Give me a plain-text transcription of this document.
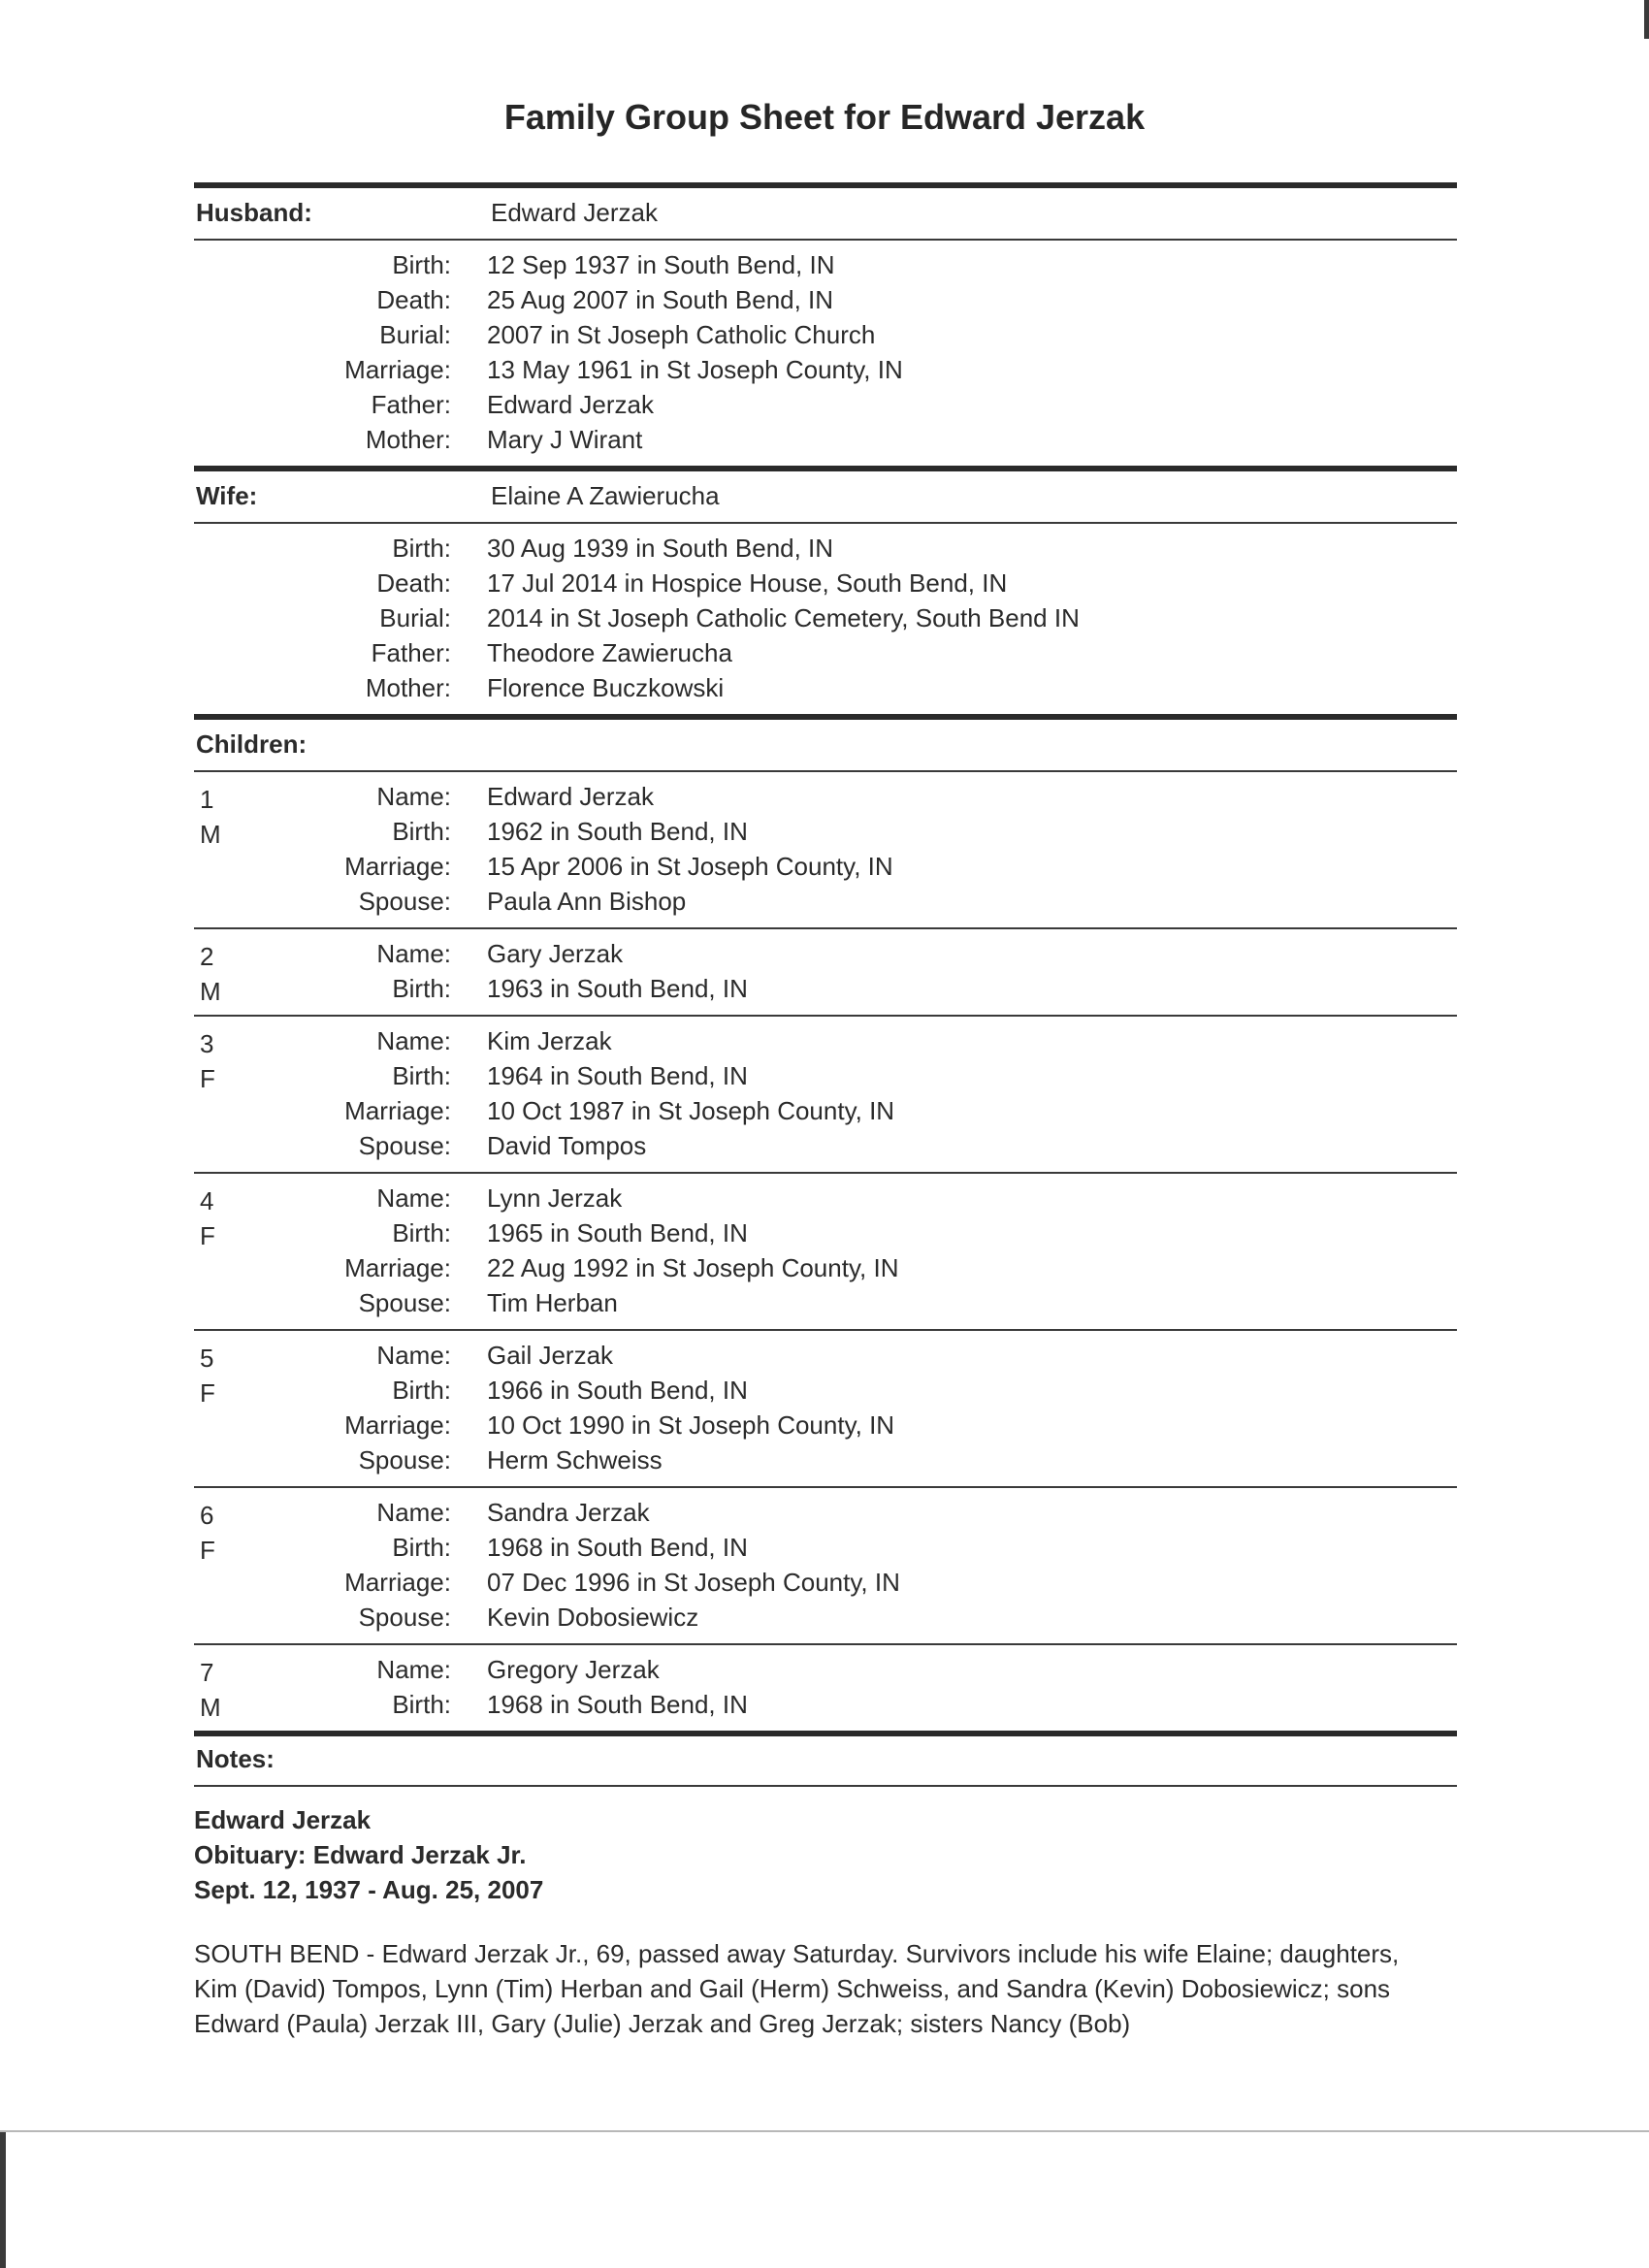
Family Group Sheet for Edward Jerzak
Husband:	Edward Jerzak
Birth: 12 Sep 1937 in South Bend, IN
Death: 25 Aug 2007 in South Bend, IN
Burial: 2007 in St Joseph Catholic Church
Marriage: 13 May 1961 in St Joseph County, IN
Father: Edward Jerzak
Mother: Mary J Wirant
Wife:	Elaine A Zawierucha
Birth: 30 Aug 1939 in South Bend, IN
Death: 17 Jul 2014 in Hospice House, South Bend, IN
Burial: 2014 in St Joseph Catholic Cemetery, South Bend IN
Father: Theodore Zawierucha
Mother: Florence Buczkowski
Children:
1
M
Name: Edward Jerzak
Birth: 1962 in South Bend, IN
Marriage: 15 Apr 2006 in St Joseph County, IN
Spouse: Paula Ann Bishop
2
M
Name: Gary Jerzak
Birth: 1963 in South Bend, IN
3
F
Name: Kim Jerzak
Birth: 1964 in South Bend, IN
Marriage: 10 Oct 1987 in St Joseph County, IN
Spouse: David Tompos
4
F
Name: Lynn Jerzak
Birth: 1965 in South Bend, IN
Marriage: 22 Aug 1992 in St Joseph County, IN
Spouse: Tim Herban
5
F
Name: Gail Jerzak
Birth: 1966 in South Bend, IN
Marriage: 10 Oct 1990 in St Joseph County, IN
Spouse: Herm Schweiss
6
F
Name: Sandra Jerzak
Birth: 1968 in South Bend, IN
Marriage: 07 Dec 1996 in St Joseph County, IN
Spouse: Kevin Dobosiewicz
7
M
Name: Gregory Jerzak
Birth: 1968 in South Bend, IN
Notes:
Edward Jerzak
Obituary: Edward Jerzak Jr.
Sept. 12, 1937 - Aug. 25, 2007
SOUTH BEND - Edward Jerzak Jr., 69, passed away Saturday. Survivors include his wife Elaine; daughters, Kim (David) Tompos, Lynn (Tim) Herban and Gail (Herm) Schweiss, and Sandra (Kevin) Dobosiewicz; sons Edward (Paula) Jerzak III, Gary (Julie) Jerzak and Greg Jerzak; sisters Nancy (Bob)
